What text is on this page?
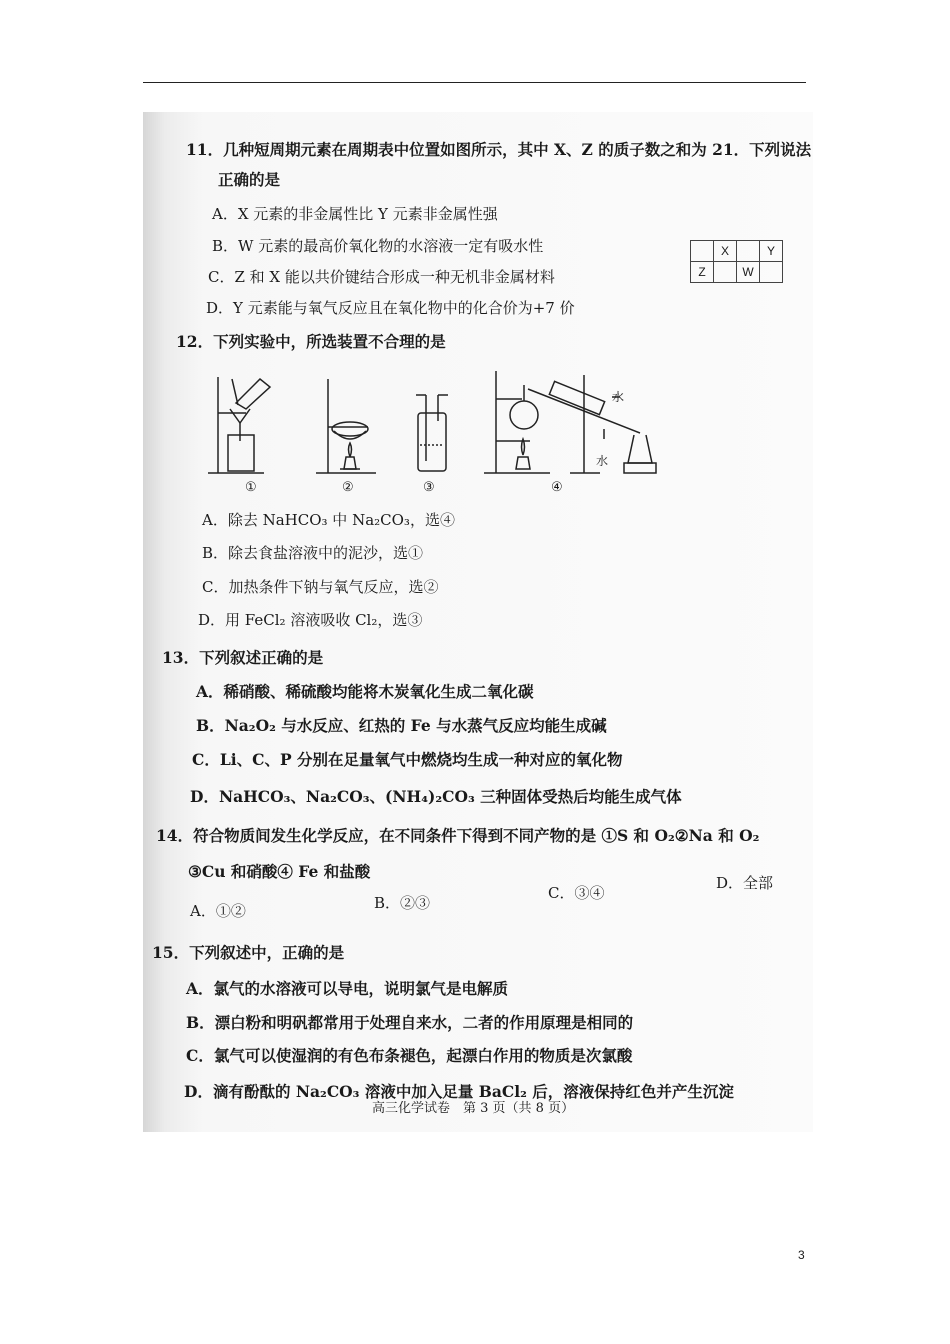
11．几种短周期元素在周期表中位置如图所示，其中 X、Z 的质子数之和为 21．下列说法
正确的是
A．X 元素的非金属性比 Y 元素非金属性强
B．W 元素的最高价氧化物的水溶液一定有吸水性
C．Z 和 X 能以共价键结合形成一种无机非金属材料
D．Y 元素能与氧气反应且在氧化物中的化合价为+7 价
	X		Y
Z		W	
12．下列实验中，所选装置不合理的是
水
水
①	②	③	④
A．除去 NaHCO₃ 中 Na₂CO₃，选④
B．除去食盐溶液中的泥沙，选①
C．加热条件下钠与氧气反应，选②
D．用 FeCl₂ 溶液吸收 Cl₂，选③
13．下列叙述正确的是
A．稀硝酸、稀硫酸均能将木炭氧化生成二氧化碳
B．Na₂O₂ 与水反应、红热的 Fe 与水蒸气反应均能生成碱
C．Li、C、P 分别在足量氧气中燃烧均生成一种对应的氧化物
D．NaHCO₃、Na₂CO₃、(NH₄)₂CO₃ 三种固体受热后均能生成气体
14．符合物质间发生化学反应，在不同条件下得到不同产物的是 ①S 和 O₂②Na 和 O₂
③Cu 和硝酸④ Fe 和盐酸
A．①②	B．②③
C．③④
D．全部
15．下列叙述中，正确的是
A．氯气的水溶液可以导电，说明氯气是电解质
B．漂白粉和明矾都常用于处理自来水，二者的作用原理是相同的
C．氯气可以使湿润的有色布条褪色，起漂白作用的物质是次氯酸
D．滴有酚酞的 Na₂CO₃ 溶液中加入足量 BaCl₂ 后，溶液保持红色并产生沉淀
高三化学试卷　第 3 页（共 8 页）
3
